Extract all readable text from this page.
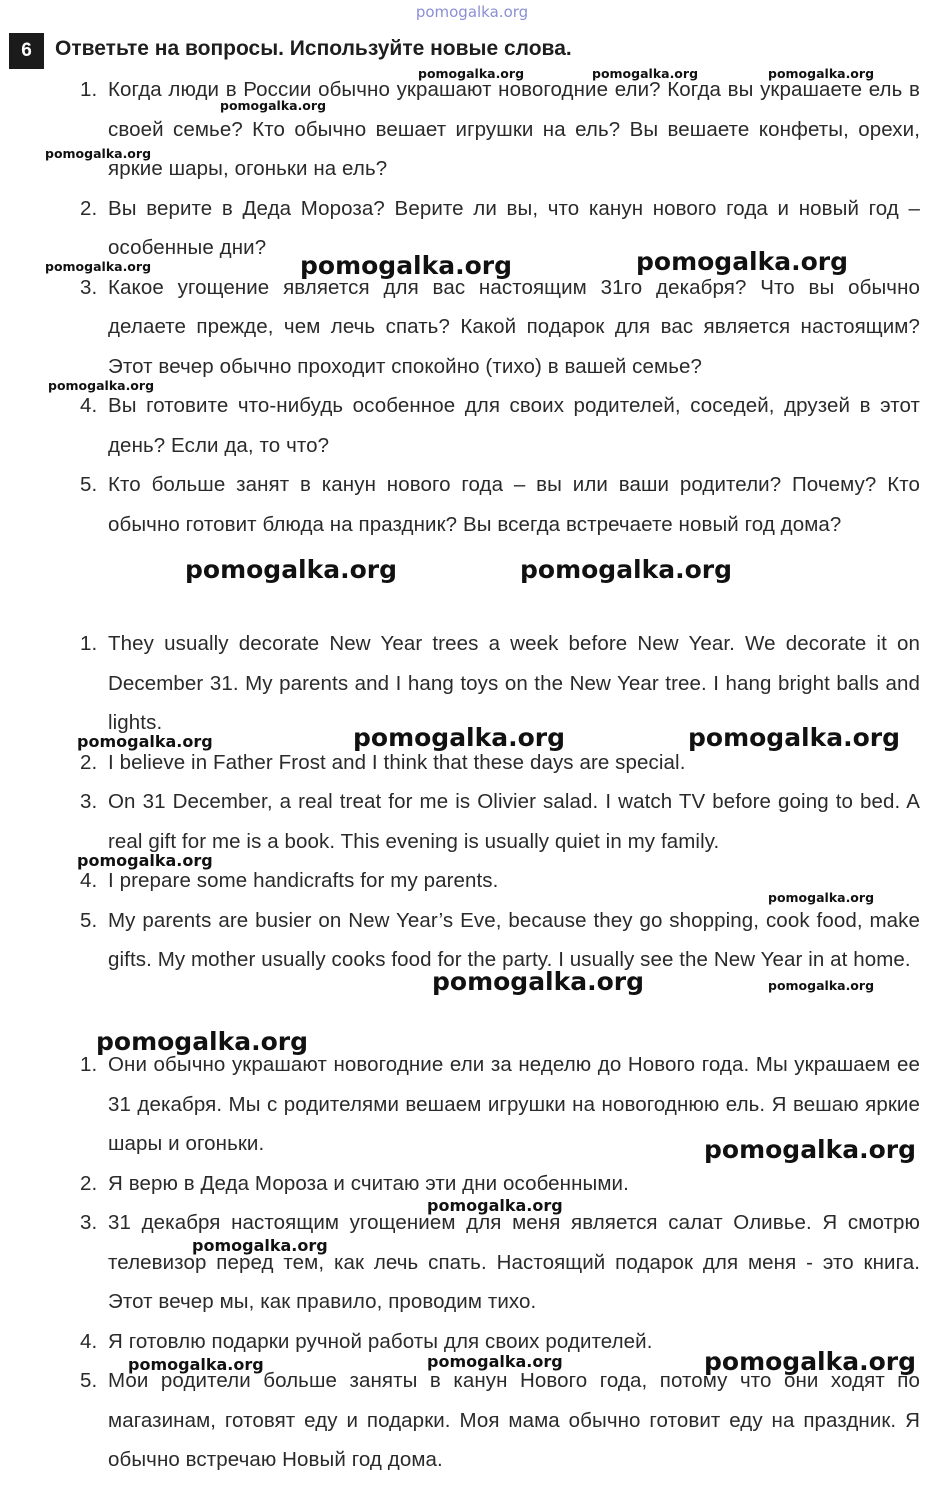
pomogalka.org
6	Ответьте на вопросы. Используйте новые слова.
1. Когда люди в России обычно украшают новогодние ели? Когда вы украшаете ель в своей семье? Кто обычно вешает игрушки на ель? Вы вешаете конфеты, орехи, яркие шары, огоньки на ель?
2. Вы верите в Деда Мороза? Верите ли вы, что канун нового года и новый год – особенные дни?
3. Какое угощение является для вас настоящим 31го декабря? Что вы обычно делаете прежде, чем лечь спать? Какой подарок для вас является настоящим? Этот вечер обычно проходит спокойно (тихо) в вашей семье?
4. Вы готовите что-нибудь особенное для своих родителей, соседей, друзей в этот день? Если да, то что?
5. Кто больше занят в канун нового года – вы или ваши родители? Почему? Кто обычно готовит блюда на праздник? Вы всегда встречаете новый год дома?
1. They usually decorate New Year trees a week before New Year. We decorate it on December 31. My parents and I hang toys on the New Year tree. I hang bright balls and lights.
2. I believe in Father Frost and I think that these days are special.
3. On 31 December, a real treat for me is Olivier salad. I watch TV before going to bed. A real gift for me is a book. This evening is usually quiet in my family.
4. I prepare some handicrafts for my parents.
5. My parents are busier on New Year’s Eve, because they go shopping, cook food, make gifts. My mother usually cooks food for the party. I usually see the New Year in at home.
1. Они обычно украшают новогодние ели за неделю до Нового года. Мы украшаем ее 31 декабря. Мы с родителями вешаем игрушки на новогоднюю ель. Я вешаю яркие шары и огоньки.
2. Я верю в Деда Мороза и считаю эти дни особенными.
3. 31 декабря настоящим угощением для меня является салат Оливье. Я смотрю телевизор перед тем, как лечь спать. Настоящий подарок для меня - это книга. Этот вечер мы, как правило, проводим тихо.
4. Я готовлю подарки ручной работы для своих родителей.
5. Мои родители больше заняты в канун Нового года, потому что они ходят по магазинам, готовят еду и подарки. Моя мама обычно готовит еду на праздник. Я обычно встречаю Новый год дома.
pomogalka.org	pomogalka.org	pomogalka.org
pomogalka.org
pomogalka.org
pomogalka.org	pomogalka.org	pomogalka.org
pomogalka.org
pomogalka.org	pomogalka.org
pomogalka.org	pomogalka.org	pomogalka.org
pomogalka.org
pomogalka.org
pomogalka.org	pomogalka.org
pomogalka.org
pomogalka.org
pomogalka.org
pomogalka.org
pomogalka.org	pomogalka.org	pomogalka.org
